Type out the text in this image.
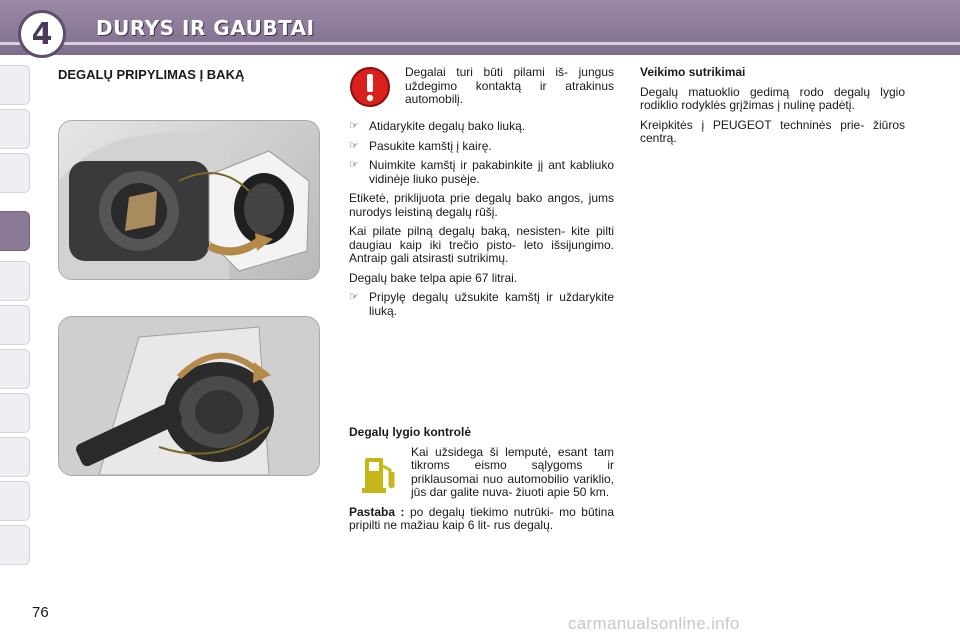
4	DURYS IR GAUBTAI
DEGALŲ PRIPYLIMAS Į BAKĄ	Degalai turi būti pilami iš- jungus uždegimo kontaktą ir atrakinus automobilį.
☞ Atidarykite degalų bako liuką.
☞ Pasukite kamštį į kairę.
☞ Nuimkite kamštį ir pakabinkite jį ant kabliuko vidinėje liuko pusėje.

Etiketė, priklijuota prie degalų bako angos, jums nurodys leistiną degalų rūšį.

Kai pilate pilną degalų baką, nesisten- kite pilti daugiau kaip iki trečio pisto- leto išsijungimo. Antraip gali atsirasti sutrikimų.

Degalų bake telpa apie 67 litrai.

☞ Pripylę degalų užsukite kamštį ir uždarykite liuką.

Degalų lygio kontrolė

Kai užsidega ši lemputė, esant tam tikroms eismo sąlygoms ir priklausomai nuo automobilio variklio, jūs dar galite nuva- žiuoti apie 50 km.

Pastaba : po degalų tiekimo nutrūki- mo būtina pripilti ne mažiau kaip 6 lit- rus degalų.

Veikimo sutrikimai

Degalų matuoklio gedimą rodo degalų lygio rodiklio rodyklės grįžimas į nulinę padėtį.

Kreipkitės į PEUGEOT techninės prie- žiūros centrą.

76
carmanualsonline.info
